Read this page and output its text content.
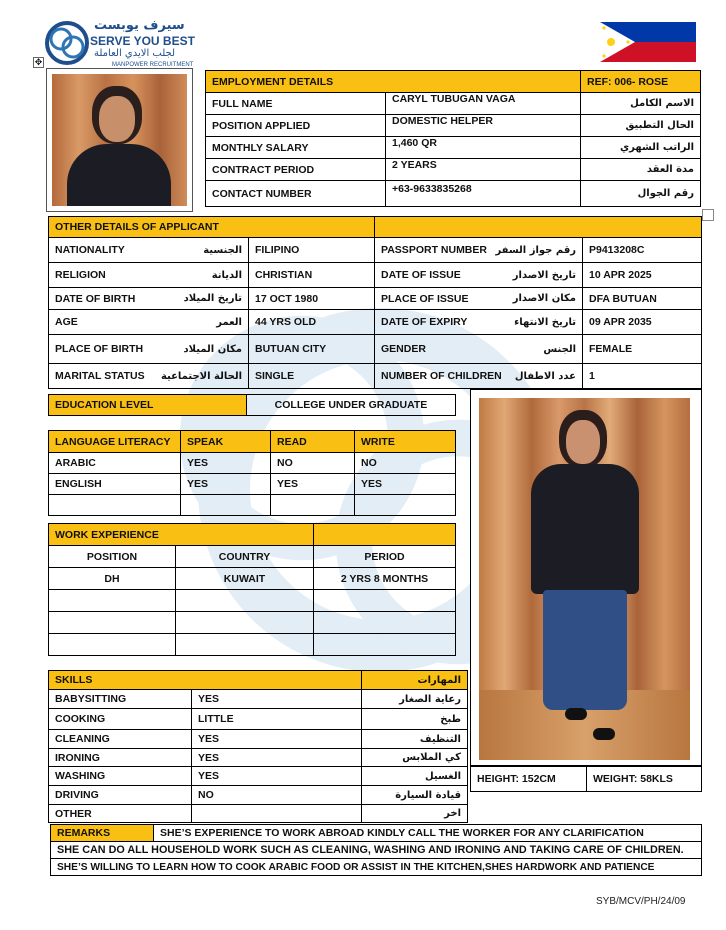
سيرف يوبست
SERVE YOU BEST
لجلب الايدي العاملة
MANPOWER RECRUITMENT
✥
EMPLOYMENT DETAILS		REF: 006- ROSE
FULL NAME	CARYL TUBUGAN VAGA	الاسم الكامل
POSITION APPLIED	DOMESTIC HELPER	الحال التطبيق
MONTHLY SALARY	1,460 QR	الراتب الشهري
CONTRACT PERIOD	2 YEARS	مدة العقد
CONTACT NUMBER	+63-9633835268	رقم الجوال
OTHER DETAILS OF APPLICANT			

NATIONALITY الجنسية	FILIPINO	PASSPORT NUMBER رقم جواز السفر	P9413208C

RELIGION الديانة	CHRISTIAN	DATE OF ISSUE تاريخ الاصدار	10 APR 2025

DATE OF BIRTH تاريخ الميلاد	17 OCT 1980	PLACE OF ISSUE مكان الاصدار	DFA BUTUAN

AGE العمر	44 YRS OLD	DATE OF EXPIRY تاريخ الانتهاء	09 APR 2035

PLACE OF BIRTH مكان الميلاد	BUTUAN CITY	GENDER الجنس	FEMALE

MARITAL STATUS الحالة الاجتماعية	SINGLE	NUMBER OF CHILDREN عدد الاطفال	1
EDUCATION LEVEL	COLLEGE UNDER GRADUATE
LANGUAGE LITERACY	SPEAK	READ	WRITE
ARABIC	YES	NO	NO
ENGLISH	YES	YES	YES

WORK EXPERIENCE		
POSITION	COUNTRY	PERIOD
DH	KUWAIT	2 YRS 8 MONTHS

SKILLS		المهارات
BABYSITTING	YES	رعاية الصغار
COOKING	LITTLE	طبخ
CLEANING	YES	التنظيف
IRONING	YES	كي الملابس
WASHING	YES	الغسيل
DRIVING	NO	قيادة السيارة
OTHER		اخر
HEIGHT: 152CM	WEIGHT: 58KLS
REMARKS	SHE’S EXPERIENCE TO WORK ABROAD KINDLY CALL THE WORKER FOR ANY CLARIFICATION
SHE CAN DO ALL HOUSEHOLD WORK SUCH AS CLEANING, WASHING AND IRONING AND TAKING CARE OF CHILDREN.
SHE’S WILLING TO LEARN HOW TO COOK ARABIC FOOD OR ASSIST IN THE KITCHEN,SHES HARDWORK AND PATIENCE
SYB/MCV/PH/24/09
